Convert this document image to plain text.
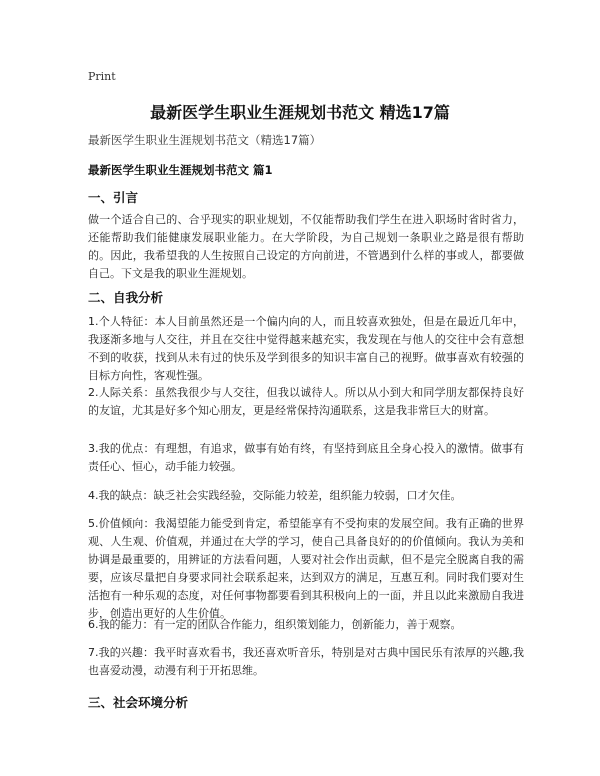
Print
最新医学生职业生涯规划书范文 精选17篇
最新医学生职业生涯规划书范文（精选17篇）
最新医学生职业生涯规划书范文 篇1
一、引言

做一个适合自己的、合乎现实的职业规划，不仅能帮助我们学生在进入职场时省时省力，还能帮助我们能健康发展职业能力。在大学阶段，为自己规划一条职业之路是很有帮助的。因此，我希望我的人生按照自己设定的方向前进，不管遇到什么样的事或人，都要做自己。下文是我的职业生涯规划。

二、自我分析

1.个人特征：本人目前虽然还是一个偏内向的人，而且较喜欢独处，但是在最近几年中，我逐渐多地与人交往，并且在交往中觉得越来越充实，我发现在与他人的交往中会有意想不到的收获，找到从未有过的快乐及学到很多的知识丰富自己的视野。做事喜欢有较强的目标方向性，客观性强。

2.人际关系：虽然我很少与人交往，但我以诚待人。所以从小到大和同学朋友都保持良好的友谊，尤其是好多个知心朋友，更是经常保持沟通联系，这是我非常巨大的财富。

3.我的优点：有理想，有追求，做事有始有终，有坚持到底且全身心投入的激情。做事有责任心、恒心，动手能力较强。

4.我的缺点：缺乏社会实践经验，交际能力较差，组织能力较弱，口才欠佳。

5.价值倾向：我渴望能力能受到肯定，希望能享有不受拘束的发展空间。我有正确的世界观、人生观、价值观，并通过在大学的学习，使自己具备良好的的价值倾向。我认为美和协调是最重要的，用辨证的方法看问题，人要对社会作出贡献，但不是完全脱离自我的需要，应该尽量把自身要求同社会联系起来，达到双方的满足，互惠互利。同时我们要对生活抱有一种乐观的态度，对任何事物都要看到其积极向上的一面，并且以此来激励自我进步，创造出更好的人生价值。

6.我的能力：有一定的团队合作能力，组织策划能力，创新能力，善于观察。

7.我的兴趣：我平时喜欢看书，我还喜欢听音乐，特别是对古典中国民乐有浓厚的兴趣,我也喜爱动漫，动漫有利于开拓思维。

三、社会环境分析
